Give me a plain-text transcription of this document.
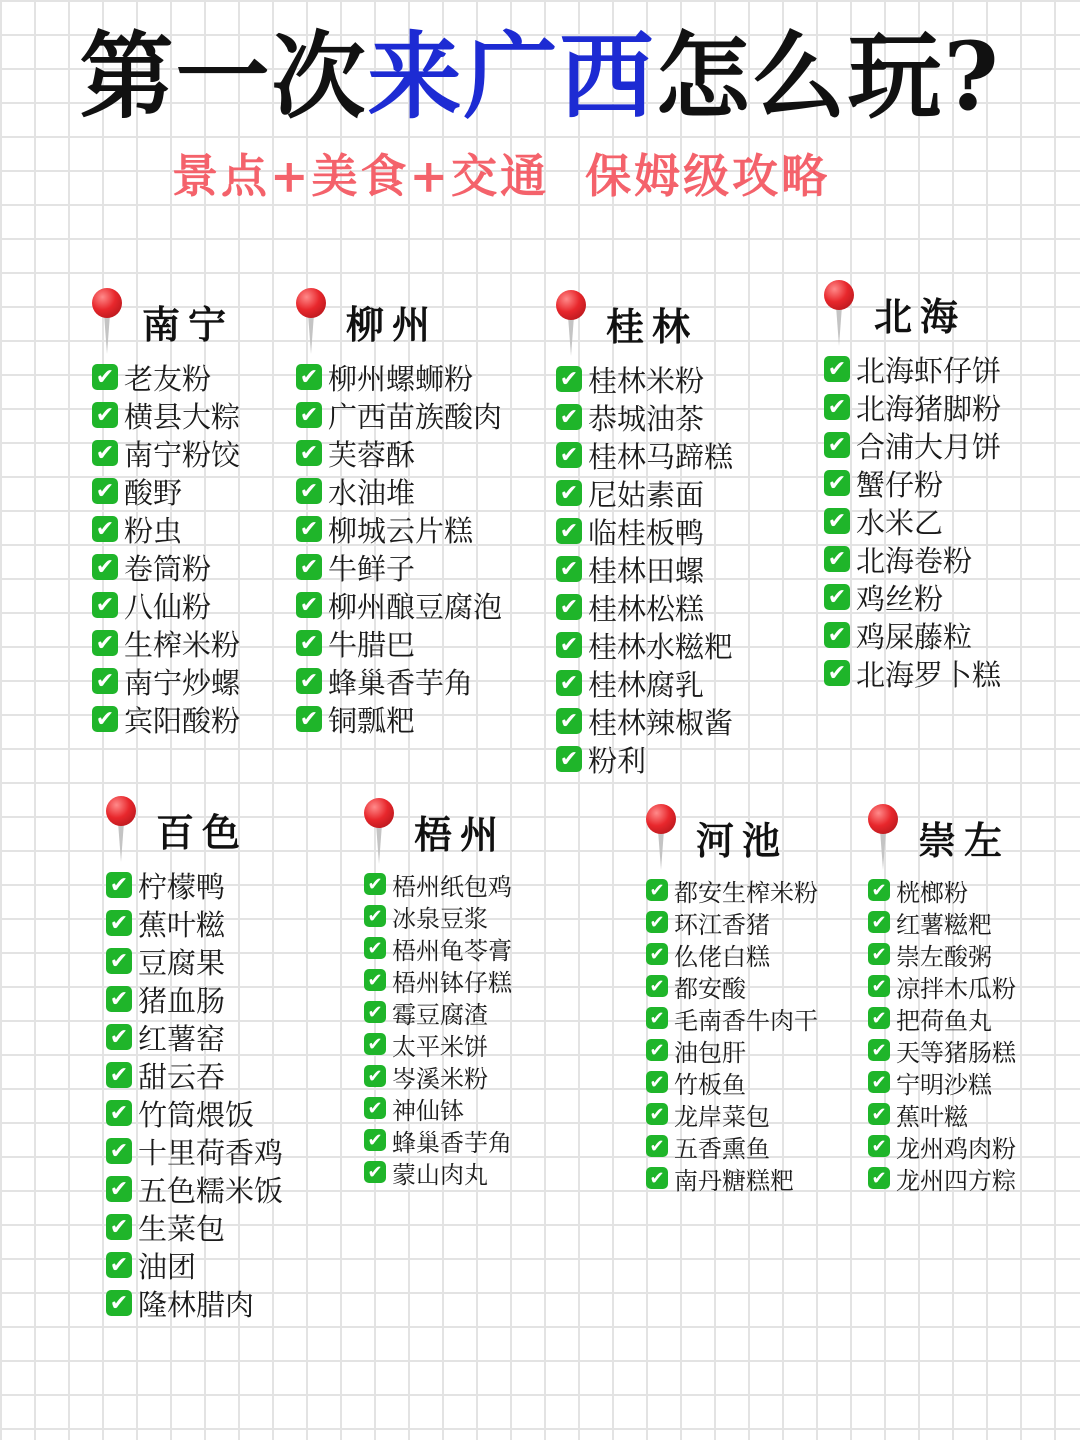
第一次来广西怎么玩?
景点+美食+交通 保姆级攻略
南宁
✔ 老友粉
✔ 横县大粽
✔ 南宁粉饺
✔ 酸野
✔ 粉虫
✔ 卷筒粉
✔ 八仙粉
✔ 生榨米粉
✔ 南宁炒螺
✔ 宾阳酸粉
柳州
✔ 柳州螺蛳粉
✔ 广西苗族酸肉
✔ 芙蓉酥
✔ 水油堆
✔ 柳城云片糕
✔ 牛鲜子
✔ 柳州酿豆腐泡
✔ 牛腊巴
✔ 蜂巢香芋角
✔ 铜瓢粑
桂林
✔ 桂林米粉
✔ 恭城油茶
✔ 桂林马蹄糕
✔ 尼姑素面
✔ 临桂板鸭
✔ 桂林田螺
✔ 桂林松糕
✔ 桂林水糍粑
✔ 桂林腐乳
✔ 桂林辣椒酱
✔ 粉利
北海
✔ 北海虾仔饼
✔ 北海猪脚粉
✔ 合浦大月饼
✔ 蟹仔粉
✔ 水米乙
✔ 北海卷粉
✔ 鸡丝粉
✔ 鸡屎藤粒
✔ 北海罗卜糕
百色
✔ 柠檬鸭
✔ 蕉叶糍
✔ 豆腐果
✔ 猪血肠
✔ 红薯窑
✔ 甜云吞
✔ 竹筒煨饭
✔ 十里荷香鸡
✔ 五色糯米饭
✔ 生菜包
✔ 油团
✔ 隆林腊肉
梧州
✔ 梧州纸包鸡
✔ 冰泉豆浆
✔ 梧州龟苓膏
✔ 梧州钵仔糕
✔ 霉豆腐渣
✔ 太平米饼
✔ 岑溪米粉
✔ 神仙钵
✔ 蜂巢香芋角
✔ 蒙山肉丸
河池
✔ 都安生榨米粉
✔ 环江香猪
✔ 仫佬白糕
✔ 都安酸
✔ 毛南香牛肉干
✔ 油包肝
✔ 竹板鱼
✔ 龙岸菜包
✔ 五香熏鱼
✔ 南丹糖糕粑
崇左
✔ 桄榔粉
✔ 红薯糍粑
✔ 崇左酸粥
✔ 凉拌木瓜粉
✔ 把荷鱼丸
✔ 天等猪肠糕
✔ 宁明沙糕
✔ 蕉叶糍
✔ 龙州鸡肉粉
✔ 龙州四方粽
